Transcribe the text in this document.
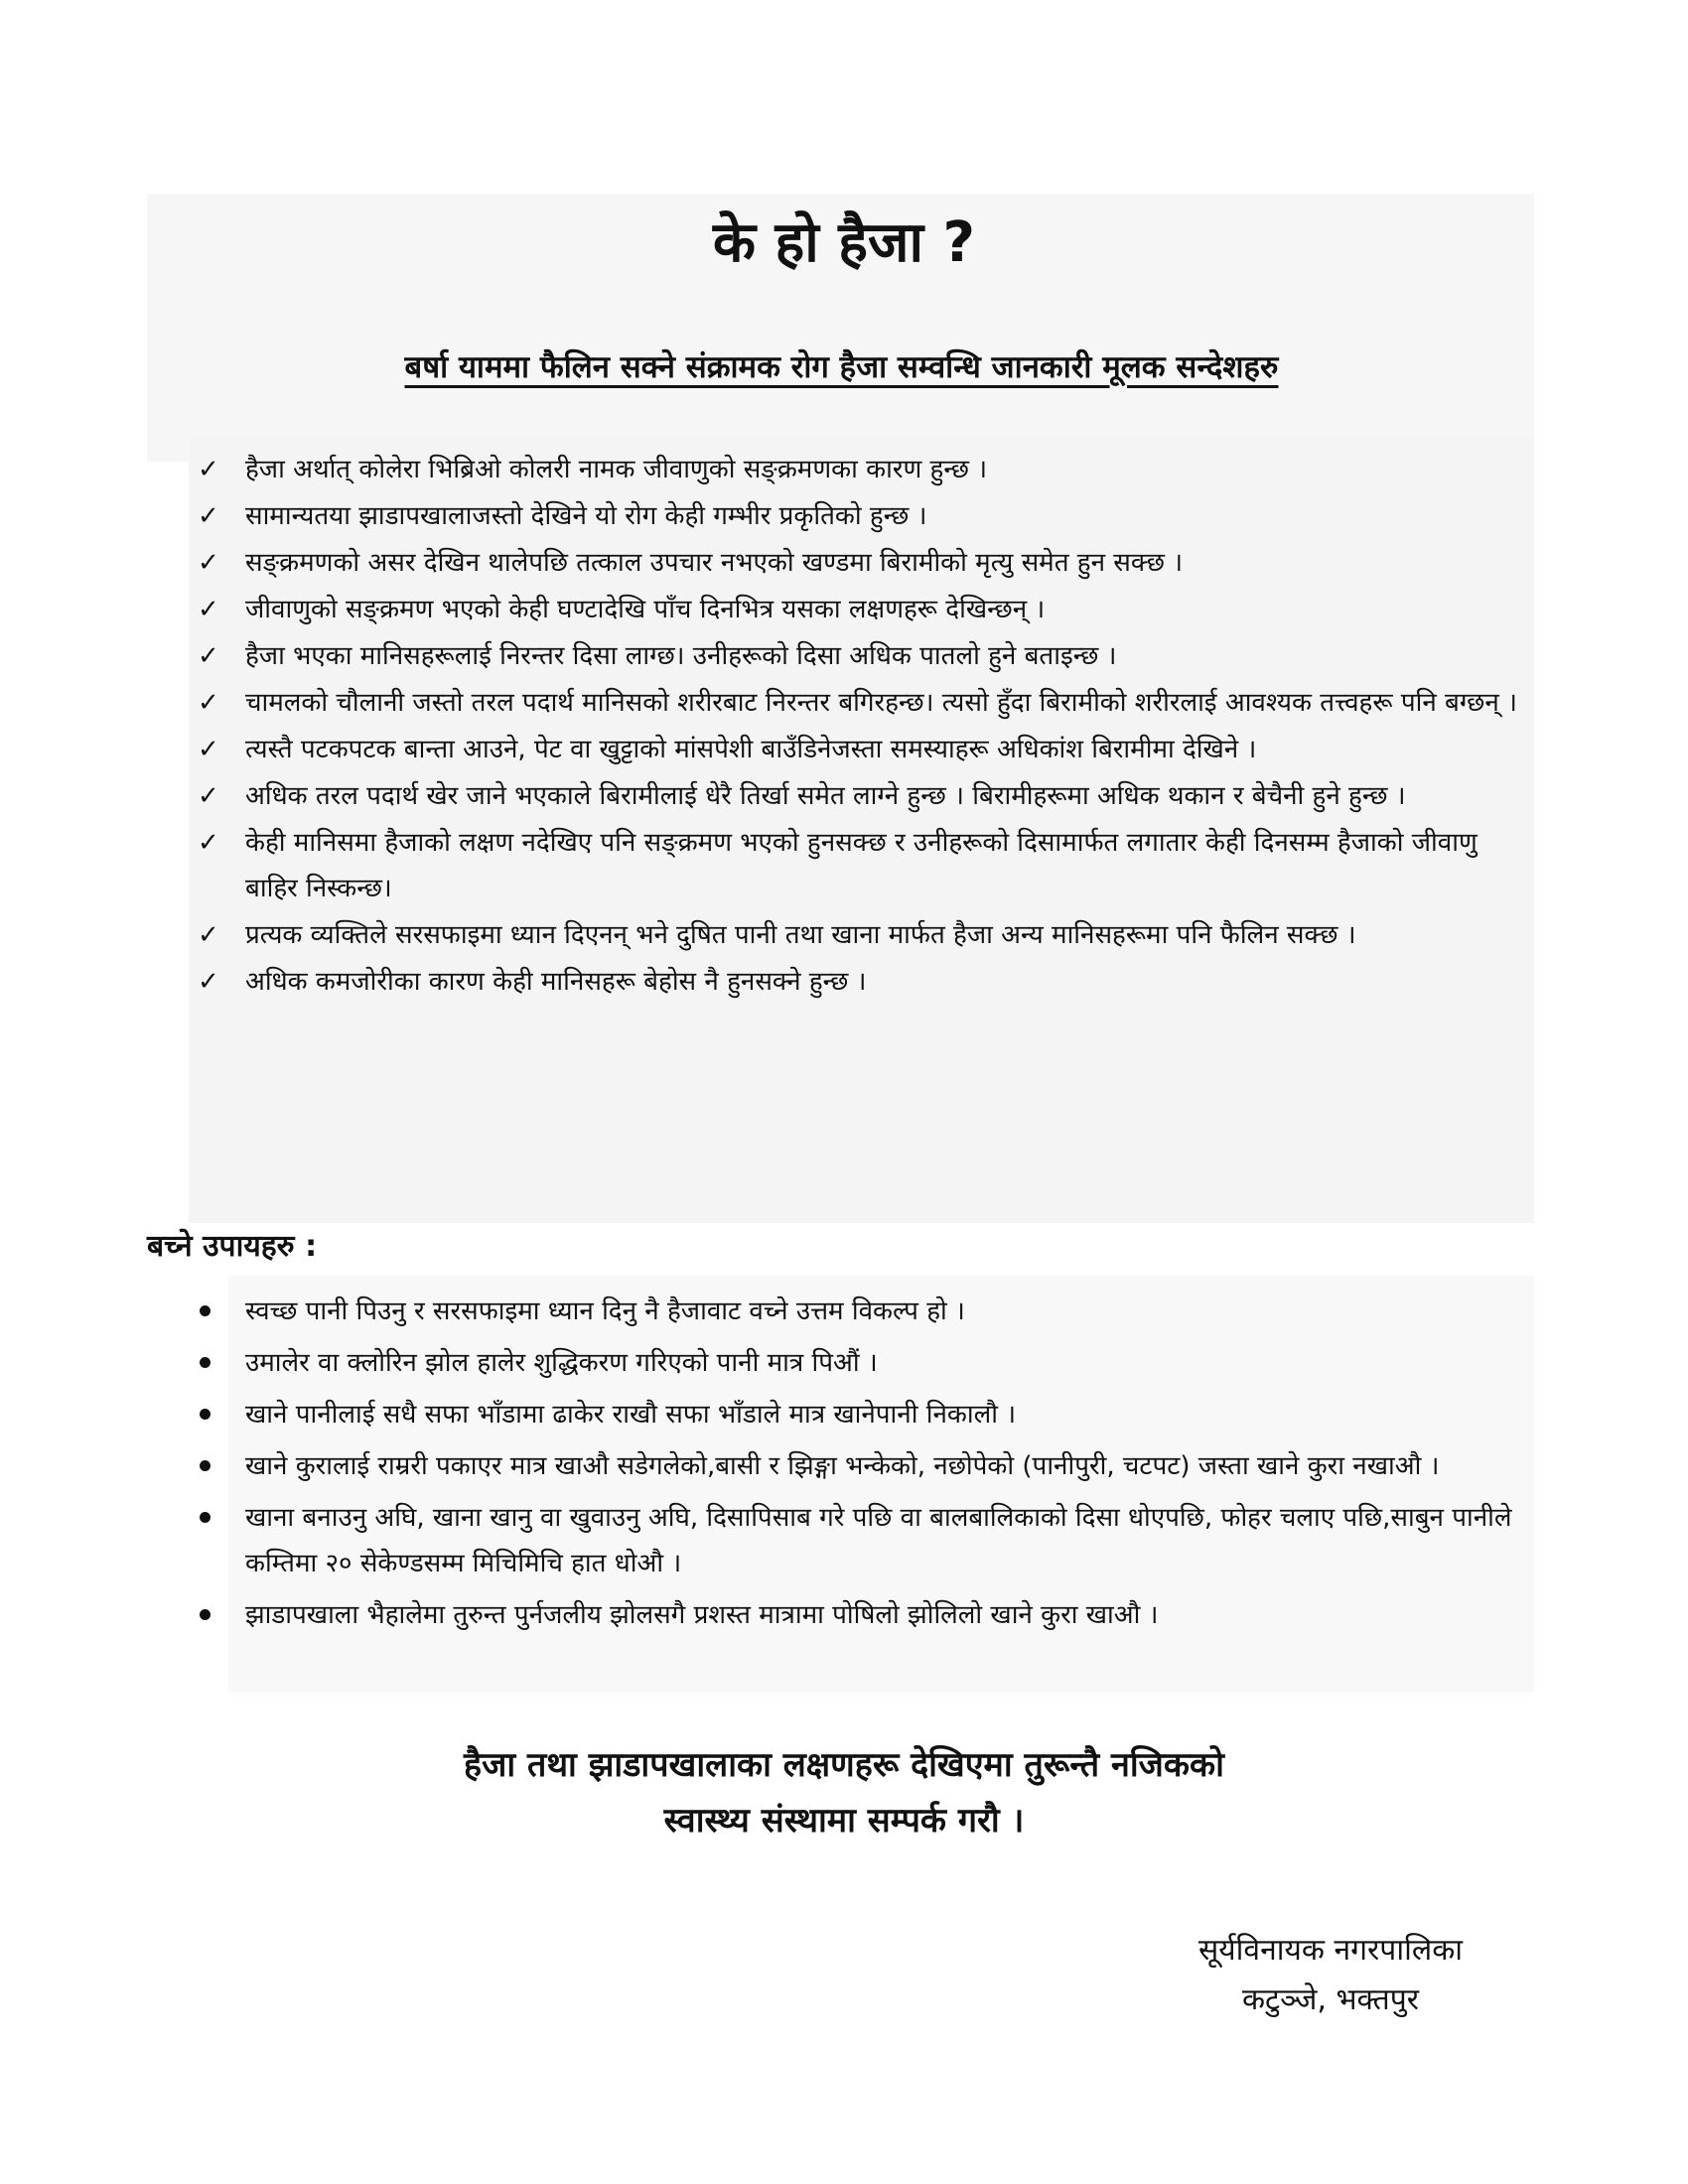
के हो हैजा ?
बर्षा याममा फैलिन सक्ने संक्रामक रोग हैजा सम्वन्धि जानकारी मूलक सन्देशहरु
✓ हैजा अर्थात् कोलेरा भिब्रिओ कोलरी नामक जीवाणुको सङ्क्रमणका कारण हुन्छ ।
✓ सामान्यतया झाडापखालाजस्तो देखिने यो रोग केही गम्भीर प्रकृतिको हुन्छ ।
✓ सङ्क्रमणको असर देखिन थालेपछि तत्काल उपचार नभएको खण्डमा बिरामीको मृत्यु समेत हुन सक्छ ।
✓ जीवाणुको सङ्क्रमण भएको केही घण्टादेखि पाँच दिनभित्र यसका लक्षणहरू देखिन्छन् ।
✓ हैजा भएका मानिसहरूलाई निरन्तर दिसा लाग्छ। उनीहरूको दिसा अधिक पातलो हुने बताइन्छ ।
✓ चामलको चौलानी जस्तो तरल पदार्थ मानिसको शरीरबाट निरन्तर बगिरहन्छ। त्यसो हुँदा बिरामीको शरीरलाई आवश्यक तत्त्वहरू पनि बग्छन् ।
✓ त्यस्तै पटकपटक बान्ता आउने, पेट वा खुट्टाको मांसपेशी बाउँडिनेजस्ता समस्याहरू अधिकांश बिरामीमा देखिने ।
✓ अधिक तरल पदार्थ खेर जाने भएकाले बिरामीलाई धेरै तिर्खा समेत लाग्ने हुन्छ । बिरामीहरूमा अधिक थकान र बेचैनी हुने हुन्छ ।
✓ केही मानिसमा हैजाको लक्षण नदेखिए पनि सङ्क्रमण भएको हुनसक्छ र उनीहरूको दिसामार्फत लगातार केही दिनसम्म हैजाको जीवाणु बाहिर निस्कन्छ।
✓ प्रत्यक व्यक्तिले सरसफाइमा ध्यान दिएनन् भने दुषित पानी तथा खाना मार्फत हैजा अन्य मानिसहरूमा पनि फैलिन सक्छ ।
✓ अधिक कमजोरीका कारण केही मानिसहरू बेहोस नै हुनसक्ने हुन्छ ।
बच्ने उपायहरु :
स्वच्छ पानी पिउनु र सरसफाइमा ध्यान दिनु नै हैजावाट वच्ने उत्तम विकल्प हो ।
उमालेर वा क्लोरिन झोल हालेर शुद्धिकरण गरिएको पानी मात्र पिऔं ।
खाने पानीलाई सधै सफा भाँडामा ढाकेर राखौ सफा भाँडाले मात्र खानेपानी निकालौ ।
खाने कुरालाई राम्ररी पकाएर मात्र खाऔ सडेगलेको,बासी र झिङ्गा भन्केको, नछोपेको (पानीपुरी, चटपट) जस्ता खाने कुरा नखाऔ ।
खाना बनाउनु अघि, खाना खानु वा खुवाउनु अघि, दिसापिसाब गरे पछि वा बालबालिकाको दिसा धोएपछि, फोहर चलाए पछि,साबुन पानीले कम्तिमा २० सेकेण्डसम्म मिचिमिचि हात धोऔ ।
झाडापखाला भैहालेमा तुरुन्त पुर्नजलीय झोलसगै प्रशस्त मात्रामा पोषिलो झोलिलो खाने कुरा खाऔ ।
हैजा तथा झाडापखालाका लक्षणहरू देखिएमा तुरून्तै नजिकको
स्वास्थ्य संस्थामा सम्पर्क गरौ ।
सूर्यविनायक नगरपालिका
कटुञ्जे, भक्तपुर
